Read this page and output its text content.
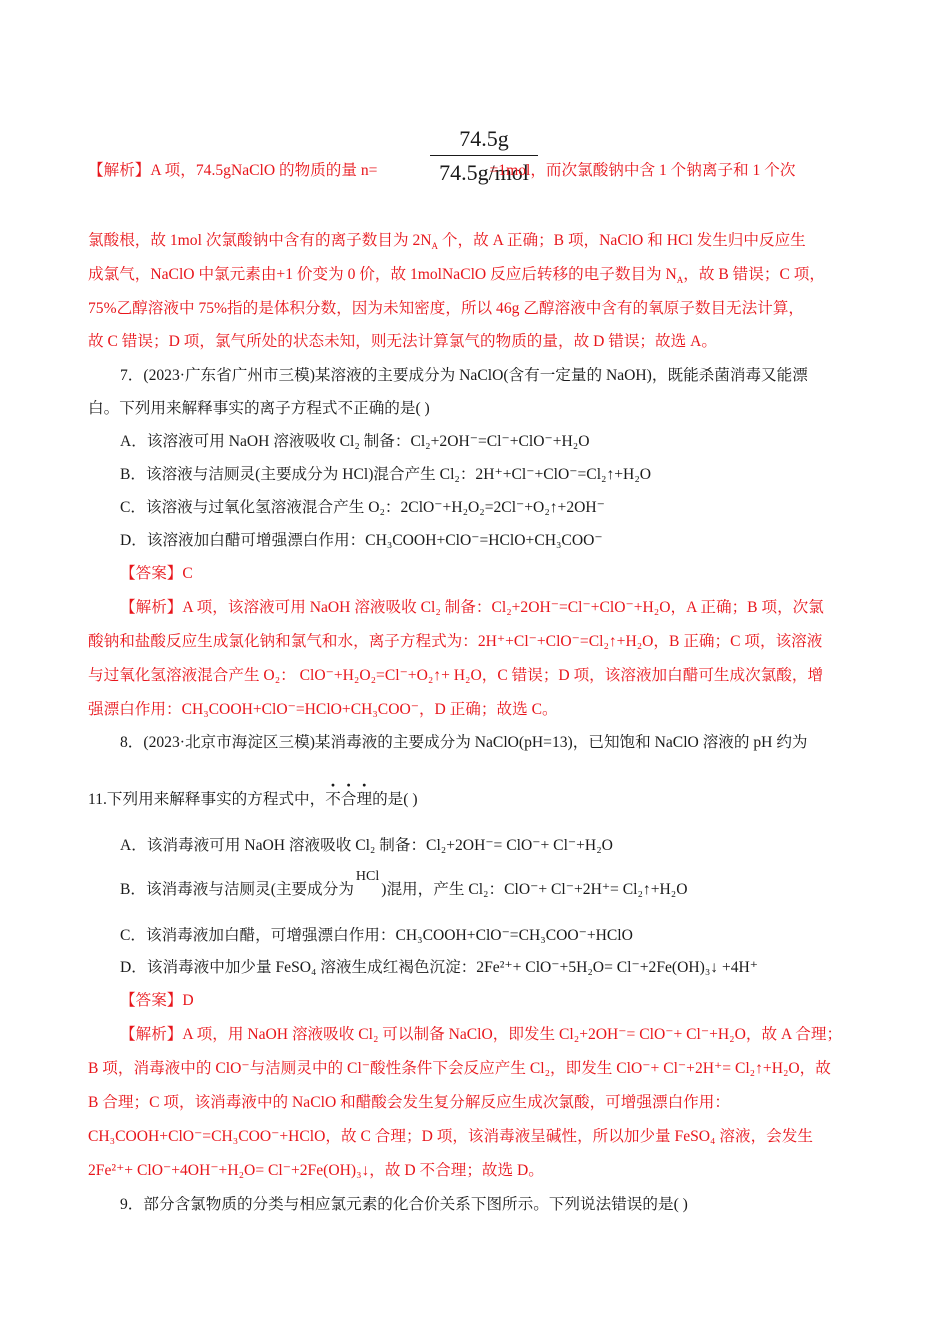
74.5g
74.5g/mol
【解析】A 项，74.5gNaClO 的物质的量 n=	=1mol，而次氯酸钠中含 1 个钠离子和 1 个次
氯酸根，故 1mol 次氯酸钠中含有的离子数目为 $2N_A$ 个，故 A 正确；B 项，NaClO 和 HCl 发生归中反应生
成氯气，NaClO 中氯元素由+1 价变为 0 价，故 1molNaClO 反应后转移的电子数目为 $N_A$，故 B 错误；C 项，
75%乙醇溶液中 75%指的是体积分数，因为未知密度，所以 46g 乙醇溶液中含有的氧原子数目无法计算，
故 C 错误；D 项，氯气所处的状态未知，则无法计算氯气的物质的量，故 D 错误；故选 A。
7．(2023·广东省广州市三模)某溶液的主要成分为 NaClO(含有一定量的 NaOH)，既能杀菌消毒又能漂
白。下列用来解释事实的离子方程式不正确的是( )
A．该溶液可用 NaOH 溶液吸收 Cl₂ 制备：Cl₂+2OH⁻=Cl⁻+ClO⁻+H₂O
B．该溶液与洁厕灵(主要成分为 HCl)混合产生 Cl₂：2H⁺+Cl⁻+ClO⁻=Cl₂↑+H₂O
C．该溶液与过氧化氢溶液混合产生 O₂：2ClO⁻+H₂O₂=2Cl⁻+O₂↑+2OH⁻
D．该溶液加白醋可增强漂白作用：CH₃COOH+ClO⁻=HClO+CH₃COO⁻
【答案】C
【解析】A 项，该溶液可用 NaOH 溶液吸收 Cl₂ 制备：Cl₂+2OH⁻=Cl⁻+ClO⁻+H₂O，A 正确；B 项，次氯
酸钠和盐酸反应生成氯化钠和氯气和水，离子方程式为：2H⁺+Cl⁻+ClO⁻=Cl₂↑+H₂O，B 正确；C 项，该溶液
与过氧化氢溶液混合产生 O₂： ClO⁻+H₂O₂=Cl⁻+O₂↑+ H₂O，C 错误；D 项，该溶液加白醋可生成次氯酸，增
强漂白作用：CH₃COOH+ClO⁻=HClO+CH₃COO⁻，D 正确；故选 C。
8．(2023·北京市海淀区三模)某消毒液的主要成分为 NaClO(pH=13)，已知饱和 NaClO 溶液的 pH 约为
11.下列用来解释事实的方程式中，不合理的是( )
A．该消毒液可用 NaOH 溶液吸收 Cl₂ 制备：Cl₂+2OH⁻= ClO⁻+ Cl⁻+H₂O
B．该消毒液与洁厕灵(主要成分为HCl)混用，产生 Cl₂：ClO⁻+ Cl⁻+2H⁺= Cl₂↑+H₂O
C．该消毒液加白醋，可增强漂白作用：CH₃COOH+ClO⁻=CH₃COO⁻+HClO
D．该消毒液中加少量 FeSO₄ 溶液生成红褐色沉淀：2Fe²⁺+ ClO⁻+5H₂O= Cl⁻+2Fe(OH)₃↓ +4H⁺
【答案】D
【解析】A 项，用 NaOH 溶液吸收 Cl₂ 可以制备 NaClO，即发生 Cl₂+2OH⁻= ClO⁻+ Cl⁻+H₂O，故 A 合理；
B 项，消毒液中的 ClO⁻与洁厕灵中的 Cl⁻酸性条件下会反应产生 Cl₂，即发生 ClO⁻+ Cl⁻+2H⁺= Cl₂↑+H₂O，故
B 合理；C 项，该消毒液中的 NaClO 和醋酸会发生复分解反应生成次氯酸，可增强漂白作用：
CH₃COOH+ClO⁻=CH₃COO⁻+HClO，故 C 合理；D 项，该消毒液呈碱性，所以加少量 FeSO₄ 溶液，会发生
2Fe²⁺+ ClO⁻+4OH⁻+H₂O= Cl⁻+2Fe(OH)₃↓，故 D 不合理；故选 D。
9．部分含氯物质的分类与相应氯元素的化合价关系下图所示。下列说法错误的是( )
